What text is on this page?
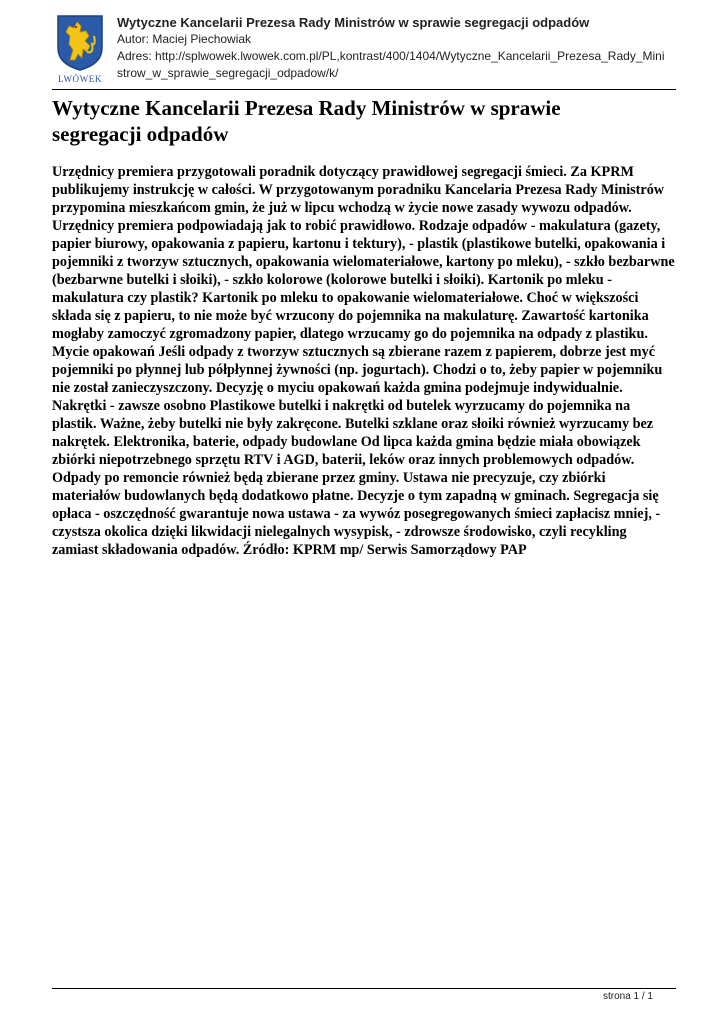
LWÓWEK
Wytyczne Kancelarii Prezesa Rady Ministrów w sprawie segregacji odpadów
Autor: Maciej Piechowiak
Adres: http://splwowek.lwowek.com.pl/PL,kontrast/400/1404/Wytyczne_Kancelarii_Prezesa_Rady_Mini
strow_w_sprawie_segregacji_odpadow/k/
Wytyczne Kancelarii Prezesa Rady Ministrów w sprawie segregacji odpadów

Urzędnicy premiera przygotowali poradnik dotyczący prawidłowej segregacji śmieci. Za KPRM publikujemy instrukcję w całości. W przygotowanym poradniku Kancelaria Prezesa Rady Ministrów przypomina mieszkańcom gmin, że już w lipcu wchodzą w życie nowe zasady wywozu odpadów. Urzędnicy premiera podpowiadają jak to robić prawidłowo. Rodzaje odpadów - makulatura (gazety, papier biurowy, opakowania z papieru, kartonu i tektury), - plastik (plastikowe butelki, opakowania i pojemniki z tworzyw sztucznych, opakowania wielomateriałowe, kartony po mleku), - szkło bezbarwne (bezbarwne butelki i słoiki), - szkło kolorowe (kolorowe butelki i słoiki). Kartonik po mleku - makulatura czy plastik? Kartonik po mleku to opakowanie wielomateriałowe. Choć w większości składa się z papieru, to nie może być wrzucony do pojemnika na makulaturę. Zawartość kartonika mogłaby zamoczyć zgromadzony papier, dlatego wrzucamy go do pojemnika na odpady z plastiku. Mycie opakowań Jeśli odpady z tworzyw sztucznych są zbierane razem z papierem, dobrze jest myć pojemniki po płynnej lub półpłynnej żywności (np. jogurtach). Chodzi o to, żeby papier w pojemniku nie został zanieczyszczony. Decyzję o myciu opakowań każda gmina podejmuje indywidualnie. Nakrętki - zawsze osobno Plastikowe butelki i nakrętki od butelek wyrzucamy do pojemnika na plastik. Ważne, żeby butelki nie były zakręcone. Butelki szklane oraz słoiki również wyrzucamy bez nakrętek. Elektronika, baterie, odpady budowlane Od lipca każda gmina będzie miała obowiązek zbiórki niepotrzebnego sprzętu RTV i AGD, baterii, leków oraz innych problemowych odpadów. Odpady po remoncie również będą zbierane przez gminy. Ustawa nie precyzuje, czy zbiórki materiałów budowlanych będą dodatkowo płatne. Decyzje o tym zapadną w gminach. Segregacja się opłaca - oszczędność gwarantuje nowa ustawa - za wywóz posegregowanych śmieci zapłacisz mniej, - czystsza okolica dzięki likwidacji nielegalnych wysypisk, - zdrowsze środowisko, czyli recykling zamiast składowania odpadów. Źródło: KPRM mp/ Serwis Samorządowy PAP

strona 1 / 1
